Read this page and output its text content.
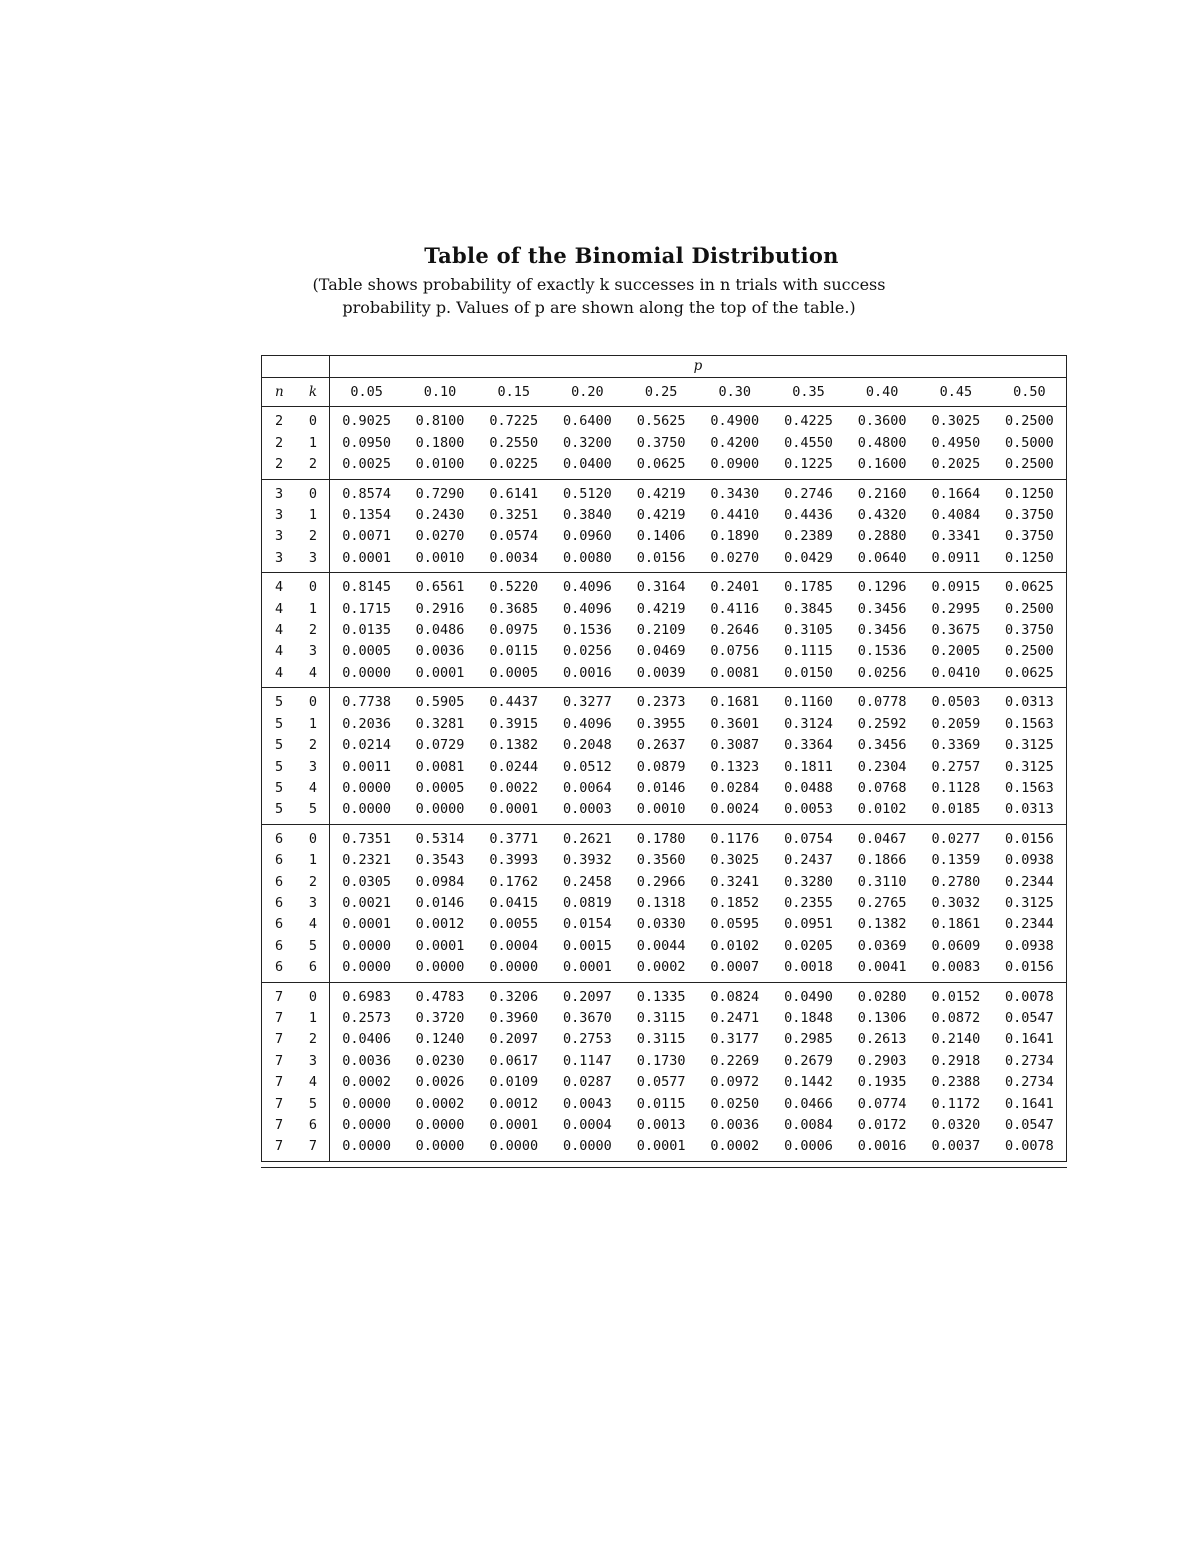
Table of the Binomial Distribution
(Table shows probability of exactly k successes in n trials with success
probability p. Values of p are shown along the top of the table.)
		p									
n	k	0.05	0.10	0.15	0.20	0.25	0.30	0.35	0.40	0.45	0.50
2	0	0.9025	0.8100	0.7225	0.6400	0.5625	0.4900	0.4225	0.3600	0.3025	0.2500
2	1	0.0950	0.1800	0.2550	0.3200	0.3750	0.4200	0.4550	0.4800	0.4950	0.5000
2	2	0.0025	0.0100	0.0225	0.0400	0.0625	0.0900	0.1225	0.1600	0.2025	0.2500
3	0	0.8574	0.7290	0.6141	0.5120	0.4219	0.3430	0.2746	0.2160	0.1664	0.1250
3	1	0.1354	0.2430	0.3251	0.3840	0.4219	0.4410	0.4436	0.4320	0.4084	0.3750
3	2	0.0071	0.0270	0.0574	0.0960	0.1406	0.1890	0.2389	0.2880	0.3341	0.3750
3	3	0.0001	0.0010	0.0034	0.0080	0.0156	0.0270	0.0429	0.0640	0.0911	0.1250
4	0	0.8145	0.6561	0.5220	0.4096	0.3164	0.2401	0.1785	0.1296	0.0915	0.0625
4	1	0.1715	0.2916	0.3685	0.4096	0.4219	0.4116	0.3845	0.3456	0.2995	0.2500
4	2	0.0135	0.0486	0.0975	0.1536	0.2109	0.2646	0.3105	0.3456	0.3675	0.3750
4	3	0.0005	0.0036	0.0115	0.0256	0.0469	0.0756	0.1115	0.1536	0.2005	0.2500
4	4	0.0000	0.0001	0.0005	0.0016	0.0039	0.0081	0.0150	0.0256	0.0410	0.0625
5	0	0.7738	0.5905	0.4437	0.3277	0.2373	0.1681	0.1160	0.0778	0.0503	0.0313
5	1	0.2036	0.3281	0.3915	0.4096	0.3955	0.3601	0.3124	0.2592	0.2059	0.1563
5	2	0.0214	0.0729	0.1382	0.2048	0.2637	0.3087	0.3364	0.3456	0.3369	0.3125
5	3	0.0011	0.0081	0.0244	0.0512	0.0879	0.1323	0.1811	0.2304	0.2757	0.3125
5	4	0.0000	0.0005	0.0022	0.0064	0.0146	0.0284	0.0488	0.0768	0.1128	0.1563
5	5	0.0000	0.0000	0.0001	0.0003	0.0010	0.0024	0.0053	0.0102	0.0185	0.0313
6	0	0.7351	0.5314	0.3771	0.2621	0.1780	0.1176	0.0754	0.0467	0.0277	0.0156
6	1	0.2321	0.3543	0.3993	0.3932	0.3560	0.3025	0.2437	0.1866	0.1359	0.0938
6	2	0.0305	0.0984	0.1762	0.2458	0.2966	0.3241	0.3280	0.3110	0.2780	0.2344
6	3	0.0021	0.0146	0.0415	0.0819	0.1318	0.1852	0.2355	0.2765	0.3032	0.3125
6	4	0.0001	0.0012	0.0055	0.0154	0.0330	0.0595	0.0951	0.1382	0.1861	0.2344
6	5	0.0000	0.0001	0.0004	0.0015	0.0044	0.0102	0.0205	0.0369	0.0609	0.0938
6	6	0.0000	0.0000	0.0000	0.0001	0.0002	0.0007	0.0018	0.0041	0.0083	0.0156
7	0	0.6983	0.4783	0.3206	0.2097	0.1335	0.0824	0.0490	0.0280	0.0152	0.0078
7	1	0.2573	0.3720	0.3960	0.3670	0.3115	0.2471	0.1848	0.1306	0.0872	0.0547
7	2	0.0406	0.1240	0.2097	0.2753	0.3115	0.3177	0.2985	0.2613	0.2140	0.1641
7	3	0.0036	0.0230	0.0617	0.1147	0.1730	0.2269	0.2679	0.2903	0.2918	0.2734
7	4	0.0002	0.0026	0.0109	0.0287	0.0577	0.0972	0.1442	0.1935	0.2388	0.2734
7	5	0.0000	0.0002	0.0012	0.0043	0.0115	0.0250	0.0466	0.0774	0.1172	0.1641
7	6	0.0000	0.0000	0.0001	0.0004	0.0013	0.0036	0.0084	0.0172	0.0320	0.0547
7	7	0.0000	0.0000	0.0000	0.0000	0.0001	0.0002	0.0006	0.0016	0.0037	0.0078
